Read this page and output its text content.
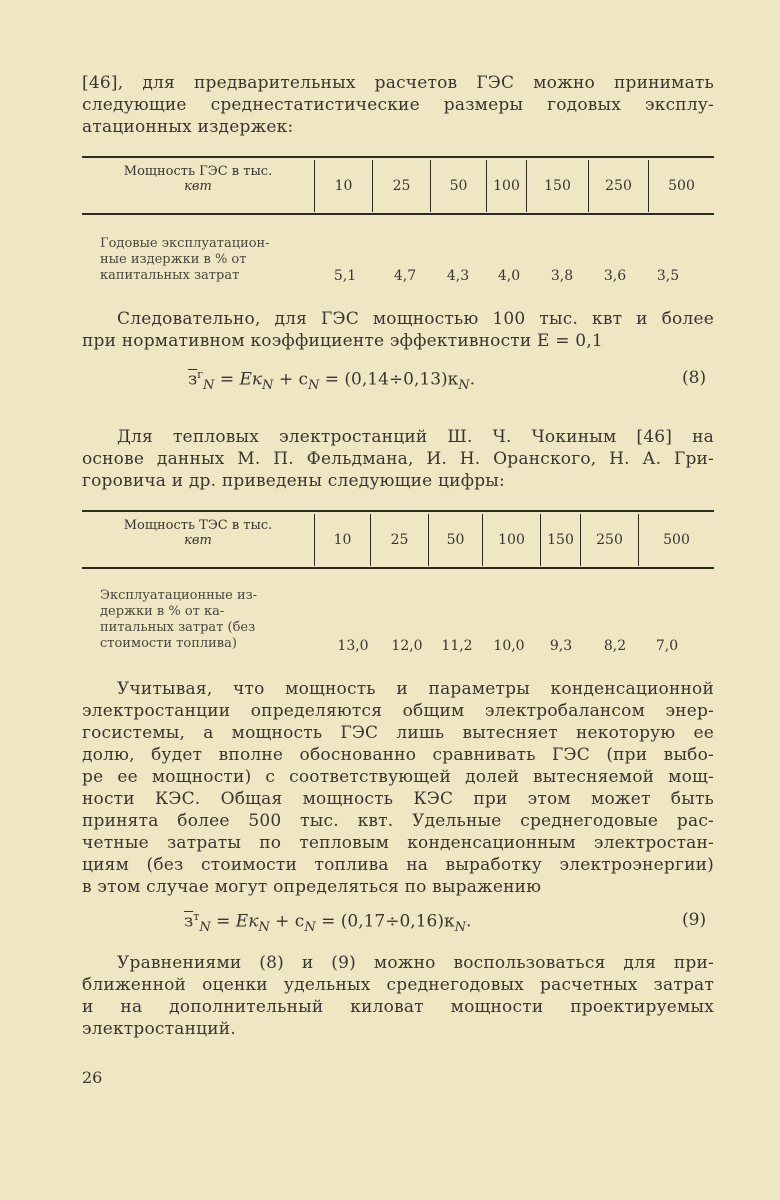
[46], для предварительных расчетов ГЭС можно принимать
следующие среднестатистические размеры годовых эксплу-
атационных издержек:

Мощность ГЭС в тыс.
квт	10	25	50	100	150	250	500
Годовые эксплуатацион-
ные издержки в % от
капитальных затрат	5,1	4,7	4,3	4,0	3,8	3,6	3,5

Следовательно, для ГЭС мощностью 100 тыс. квт и более
при нормативном коэффициенте эффективности E = 0,1

$з^г_N = Eк_N + c_N = (0,14\div 0,13)к_N$.	(8)

Для тепловых электростанций Ш. Ч. Чокиным [46] на
основе данных М. П. Фельдмана, И. Н. Оранского, Н. А. Гри-
горовича и др. приведены следующие цифры:

Мощность ТЭС в тыс.
квт	10	25	50	100	150	250	500
Эксплуатационные из-
держки в % от ка-
питальных затрат (без
стоимости топлива)	13,0	12,0	11,2	10,0	9,3	8,2	7,0

Учитывая, что мощность и параметры конденсационной
электростанции определяются общим электробалансом энер-
госистемы, а мощность ГЭС лишь вытесняет некоторую ее
долю, будет вполне обоснованно сравнивать ГЭС (при выбо-
ре ее мощности) с соответствующей долей вытесняемой мощ-
ности КЭС. Общая мощность КЭС при этом может быть
принята более 500 тыс. квт. Удельные среднегодовые рас-
четные затраты по тепловым конденсационным электростан-
циям (без стоимости топлива на выработку электроэнергии)
в этом случае могут определяться по выражению

$з^т_N = Eк_N + c_N = (0,17\div 0,16)к_N$.	(9)

Уравнениями (8) и (9) можно воспользоваться для при-
ближенной оценки удельных среднегодовых расчетных затрат
и на дополнительный киловат мощности проектируемых
электростанций.

26
